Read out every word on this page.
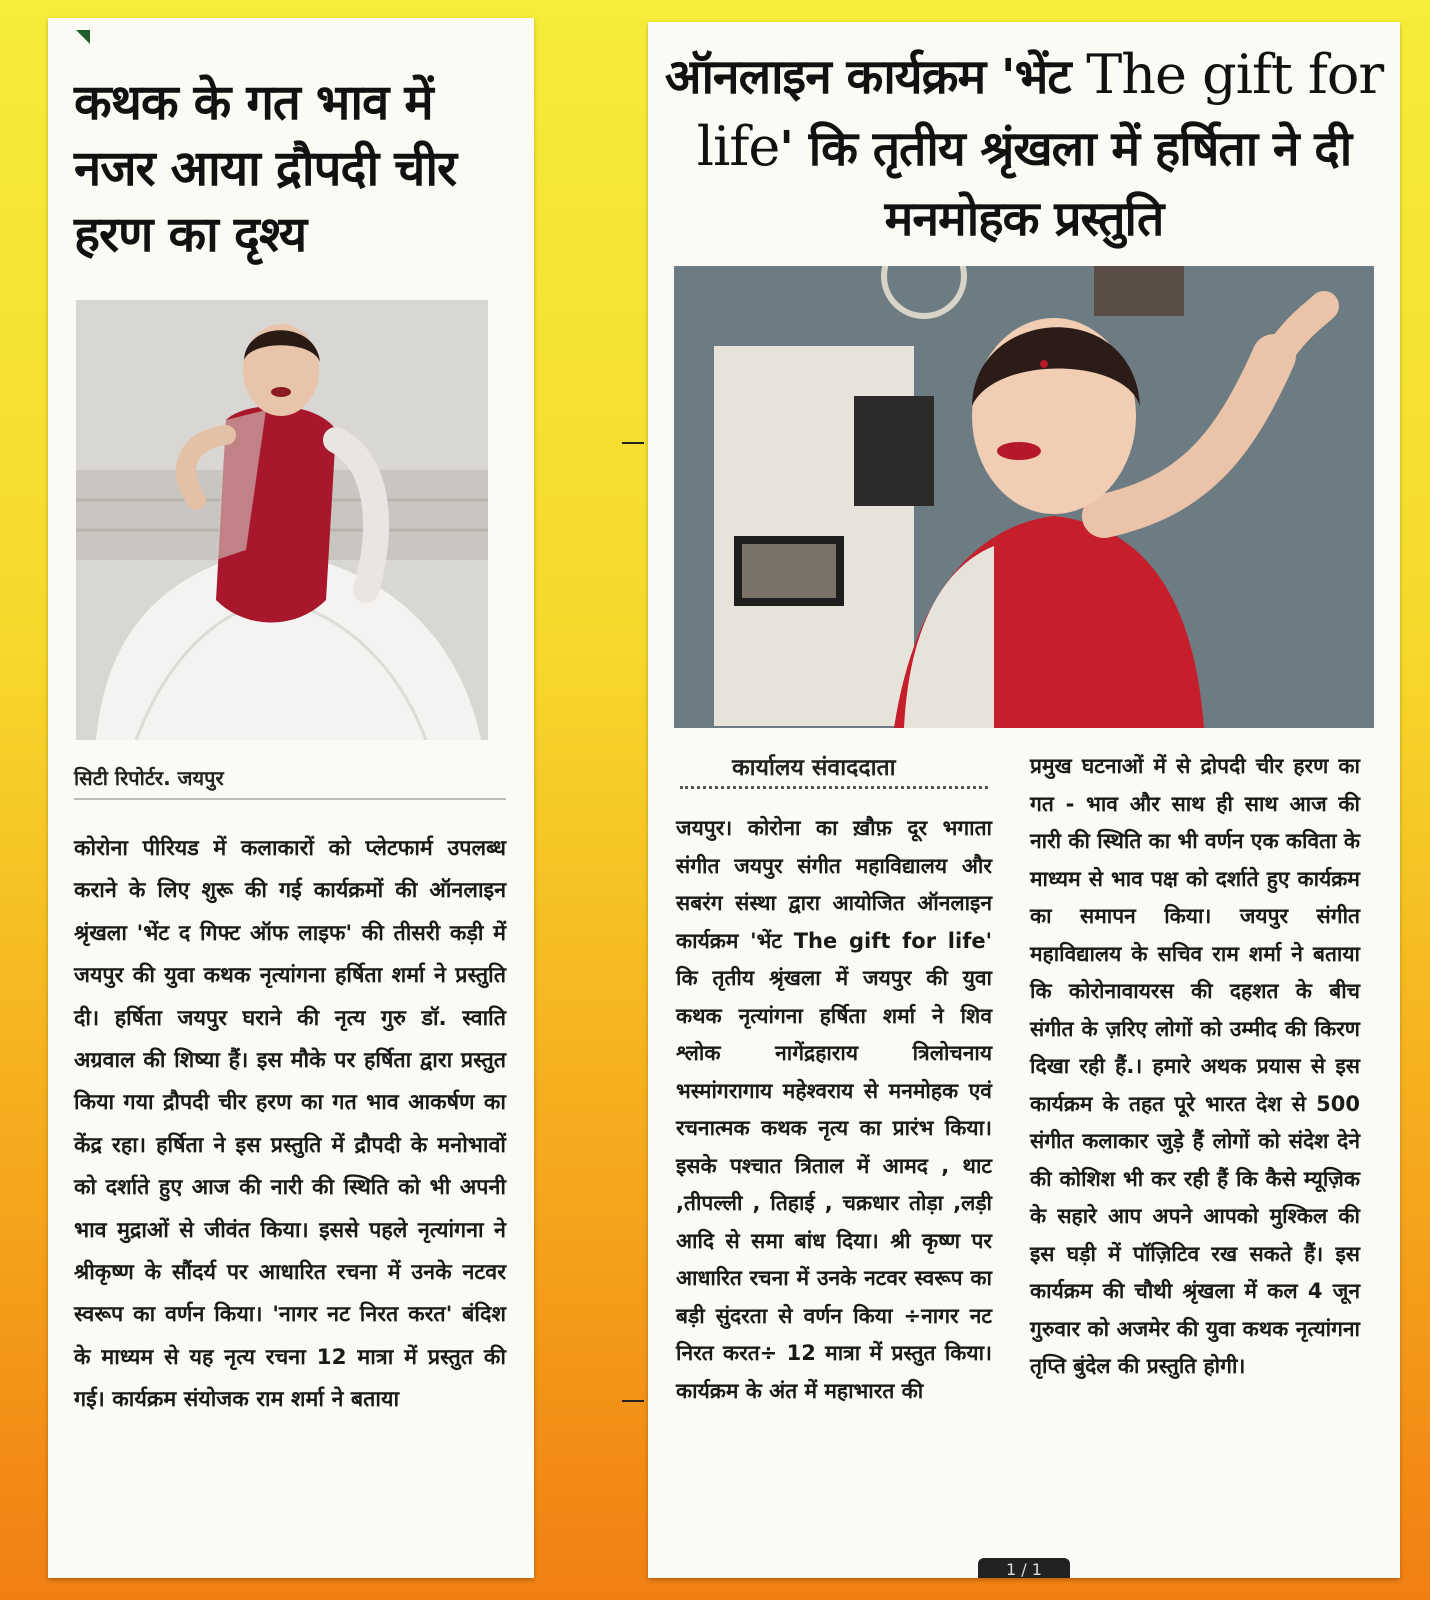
कथक के गत भाव में नजर आया द्रौपदी चीर हरण का दृश्य

सिटी रिपोर्टर. जयपुर

कोरोना पीरियड में कलाकारों को प्लेटफार्म उपलब्ध कराने के लिए शुरू की गई कार्यक्रमों की ऑनलाइन श्रृंखला 'भेंट द गिफ्ट ऑफ लाइफ' की तीसरी कड़ी में जयपुर की युवा कथक नृत्यांगना हर्षिता शर्मा ने प्रस्तुति दी। हर्षिता जयपुर घराने की नृत्य गुरु डॉ. स्वाति अग्रवाल की शिष्या हैं। इस मौके पर हर्षिता द्वारा प्रस्तुत किया गया द्रौपदी चीर हरण का गत भाव आकर्षण का केंद्र रहा। हर्षिता ने इस प्रस्तुति में द्रौपदी के मनोभावों को दर्शाते हुए आज की नारी की स्थिति को भी अपनी भाव मुद्राओं से जीवंत किया। इससे पहले नृत्यांगना ने श्रीकृष्ण के सौंदर्य पर आधारित रचना में उनके नटवर स्वरूप का वर्णन किया। 'नागर नट निरत करत' बंदिश के माध्यम से यह नृत्य रचना 12 मात्रा में प्रस्तुत की गई। कार्यक्रम संयोजक राम शर्मा ने बताया

ऑनलाइन कार्यक्रम 'भेंट The gift for life' कि तृतीय श्रृंखला में हर्षिता ने दी मनमोहक प्रस्तुति

कार्यालय संवाददाता

जयपुर। कोरोना का ख़ौफ़ दूर भगाता संगीत जयपुर संगीत महाविद्यालय और सबरंग संस्था द्वारा आयोजित ऑनलाइन कार्यक्रम 'भेंट The gift for life' कि तृतीय श्रृंखला में जयपुर की युवा कथक नृत्यांगना हर्षिता शर्मा ने शिव श्लोक नागेंद्रहाराय त्रिलोचनाय भस्मांगरागाय महेश्वराय से मनमोहक एवं रचनात्मक कथक नृत्य का प्रारंभ किया। इसके पश्चात त्रिताल में आमद , थाट ,तीपल्ली , तिहाई , चक्रधार तोड़ा ,लड़ी आदि से समा बांध दिया। श्री कृष्ण पर आधारित रचना में उनके नटवर स्वरूप का बड़ी सुंदरता से वर्णन किया ÷नागर नट निरत करत÷ 12 मात्रा में प्रस्तुत किया। कार्यक्रम के अंत में महाभारत की

प्रमुख घटनाओं में से द्रोपदी चीर हरण का गत - भाव और साथ ही साथ आज की नारी की स्थिति का भी वर्णन एक कविता के माध्यम से भाव पक्ष को दर्शाते हुए कार्यक्रम का समापन किया। जयपुर संगीत महाविद्यालय के सचिव राम शर्मा ने बताया कि कोरोनावायरस की दहशत के बीच संगीत के ज़रिए लोगों को उम्मीद की किरण दिखा रही हैं.। हमारे अथक प्रयास से इस कार्यक्रम के तहत पूरे भारत देश से 500 संगीत कलाकार जुड़े हैं लोगों को संदेश देने की कोशिश भी कर रही हैं कि कैसे म्यूज़िक के सहारे आप अपने आपको मुश्किल की इस घड़ी में पॉज़िटिव रख सकते हैं। इस कार्यक्रम की चौथी श्रृंखला में कल 4 जून गुरुवार को अजमेर की युवा कथक नृत्यांगना तृप्ति बुंदेल की प्रस्तुति होगी।

1 / 1
